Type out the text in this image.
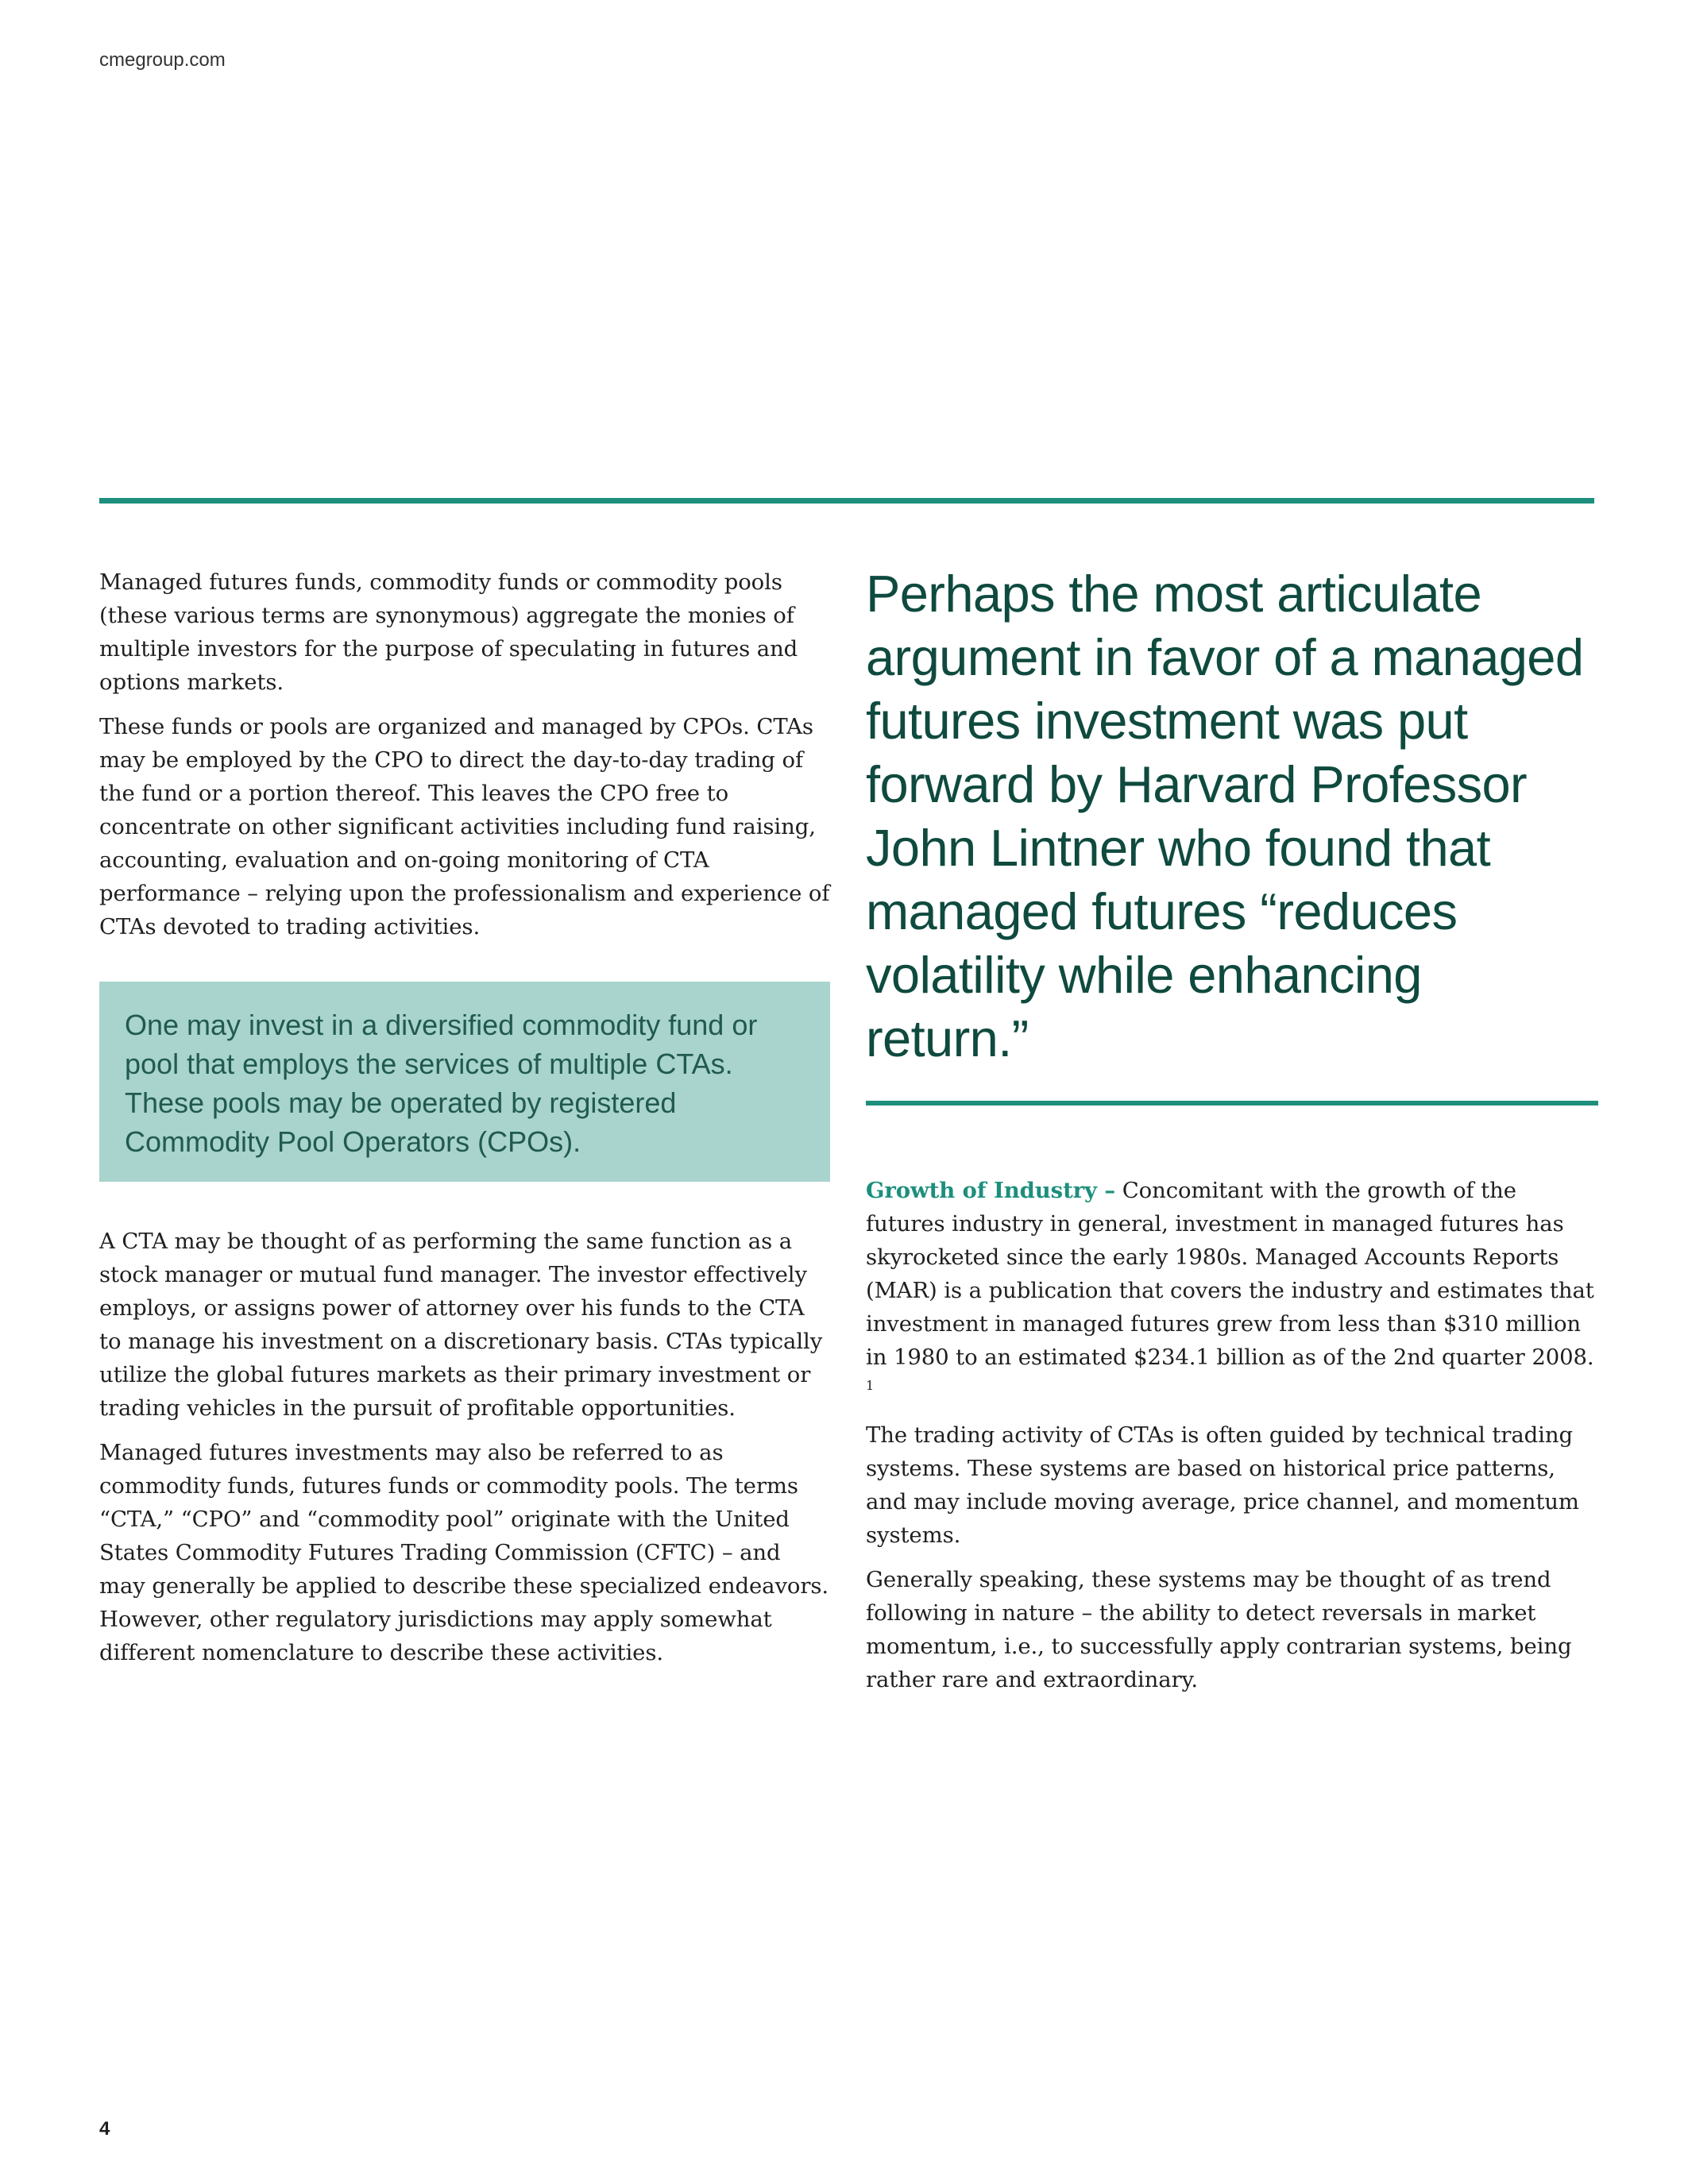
cmegroup.com

Managed futures funds, commodity funds or commodity pools (these various terms are synonymous) aggregate the monies of multiple investors for the purpose of speculating in futures and options markets.

These funds or pools are organized and managed by CPOs. CTAs may be employed by the CPO to direct the day-to-day trading of the fund or a portion thereof. This leaves the CPO free to concentrate on other significant activities including fund raising, accounting, evaluation and on-going monitoring of CTA performance – relying upon the professionalism and experience of CTAs devoted to trading activities.

One may invest in a diversified commodity fund or pool that employs the services of multiple CTAs. These pools may be operated by registered Commodity Pool Operators (CPOs).

A CTA may be thought of as performing the same function as a stock manager or mutual fund manager. The investor effectively employs, or assigns power of attorney over his funds to the CTA to manage his investment on a discretionary basis. CTAs typically utilize the global futures markets as their primary investment or trading vehicles in the pursuit of profitable opportunities.

Managed futures investments may also be referred to as commodity funds, futures funds or commodity pools. The terms “CTA,” “CPO” and “commodity pool” originate with the United States Commodity Futures Trading Commission (CFTC) – and may generally be applied to describe these specialized endeavors. However, other regulatory jurisdictions may apply somewhat different nomenclature to describe these activities.

Perhaps the most articulate argument in favor of a managed futures investment was put forward by Harvard Professor John Lintner who found that managed futures “reduces volatility while enhancing return.”

Growth of Industry – Concomitant with the growth of the futures industry in general, investment in managed futures has skyrocketed since the early 1980s. Managed Accounts Reports (MAR) is a publication that covers the industry and estimates that investment in managed futures grew from less than $310 million in 1980 to an estimated $234.1 billion as of the 2nd quarter 2008. $^1$

The trading activity of CTAs is often guided by technical trading systems. These systems are based on historical price patterns, and may include moving average, price channel, and momentum systems.

Generally speaking, these systems may be thought of as trend following in nature – the ability to detect reversals in market momentum, i.e., to successfully apply contrarian systems, being rather rare and extraordinary.

4
